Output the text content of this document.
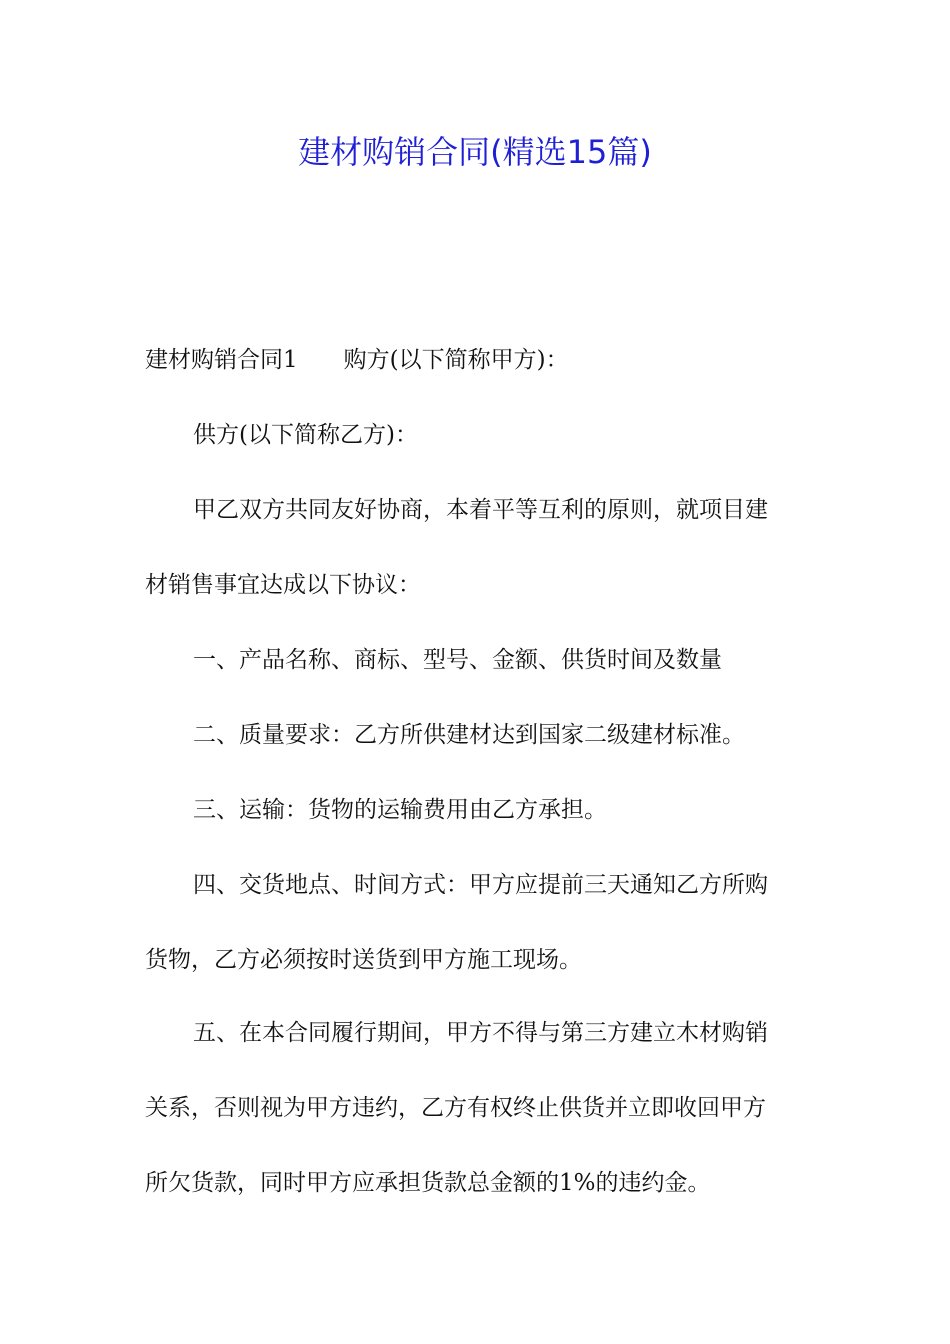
建材购销合同(精选15篇)
建材购销合同1 购方(以下简称甲方)：
供方(以下简称乙方)：
甲乙双方共同友好协商，本着平等互利的原则，就项目建
材销售事宜达成以下协议：
一、产品名称、商标、型号、金额、供货时间及数量
二、质量要求：乙方所供建材达到国家二级建材标准。
三、运输：货物的运输费用由乙方承担。
四、交货地点、时间方式：甲方应提前三天通知乙方所购
货物，乙方必须按时送货到甲方施工现场。
五、在本合同履行期间，甲方不得与第三方建立木材购销
关系，否则视为甲方违约，乙方有权终止供货并立即收回甲方
所欠货款，同时甲方应承担货款总金额的1%的违约金。
